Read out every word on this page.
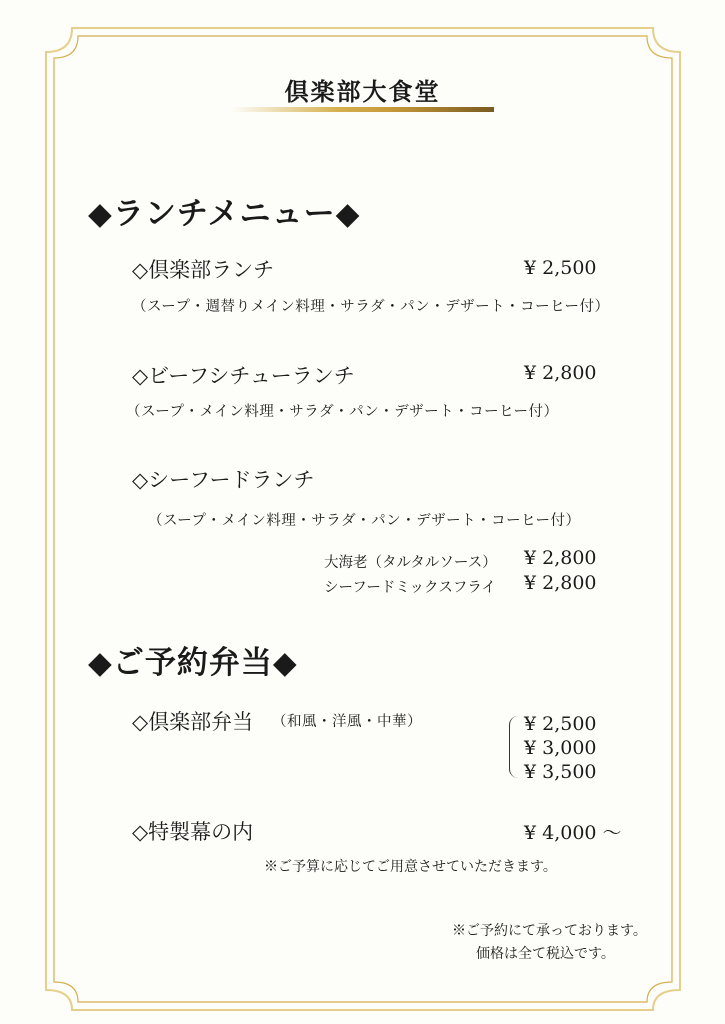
倶楽部大食堂
◆ランチメニュー◆
◇倶楽部ランチ	¥ 2,500
（スープ・週替りメイン料理・サラダ・パン・デザート・コーヒー付）
◇ビーフシチューランチ	¥ 2,800
（スープ・メイン料理・サラダ・パン・デザート・コーヒー付）
◇シーフードランチ
（スープ・メイン料理・サラダ・パン・デザート・コーヒー付）
大海老（タルタルソース） ¥ 2,800
シーフードミックスフライ ¥ 2,800
◆ご予約弁当◆
◇倶楽部弁当 （和風・洋風・中華）	¥ 2,500
¥ 3,000
¥ 3,500
◇特製幕の内	¥ 4,000 ～
※ご予算に応じてご用意させていただきます。
※ご予約にて承っております。
価格は全て税込です。
